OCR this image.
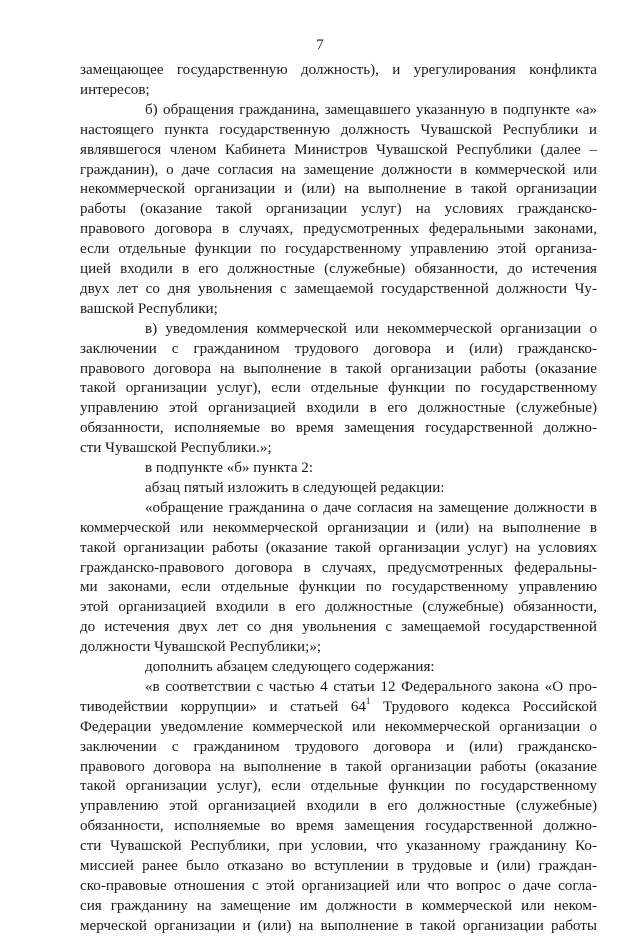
7
замещающее государственную должность), и урегулирования конфликта
интересов;
б) обращения гражданина, замещавшего указанную в подпункте «а»
настоящего пункта государственную должность Чувашской Республики и
являвшегося членом Кабинета Министров Чувашской Республики (далее –
гражданин), о даче согласия на замещение должности в коммерческой или
некоммерческой организации и (или) на выполнение в такой организации
работы (оказание такой организации услуг) на условиях гражданско-
правового договора в случаях, предусмотренных федеральными законами,
если отдельные функции по государственному управлению этой организа-
цией входили в его должностные (служебные) обязанности, до истечения
двух лет со дня увольнения с замещаемой государственной должности Чу-
вашской Республики;
в) уведомления коммерческой или некоммерческой организации о
заключении с гражданином трудового договора и (или) гражданско-
правового договора на выполнение в такой организации работы (оказание
такой организации услуг), если отдельные функции по государственному
управлению этой организацией входили в его должностные (служебные)
обязанности, исполняемые во время замещения государственной должно-
сти Чувашской Республики.»;
в подпункте «б» пункта 2:
абзац пятый изложить в следующей редакции:
«обращение гражданина о даче согласия на замещение должности в
коммерческой или некоммерческой организации и (или) на выполнение в
такой организации работы (оказание такой организации услуг) на условиях
гражданско-правового договора в случаях, предусмотренных федеральны-
ми законами, если отдельные функции по государственному управлению
этой организацией входили в его должностные (служебные) обязанности,
до истечения двух лет со дня увольнения с замещаемой государственной
должности Чувашской Республики;»;
дополнить абзацем следующего содержания:
«в соответствии с частью 4 статьи 12 Федерального закона «О про-
тиводействии коррупции» и статьей $64^1$ Трудового кодекса Российской
Федерации уведомление коммерческой или некоммерческой организации о
заключении с гражданином трудового договора и (или) гражданско-
правового договора на выполнение в такой организации работы (оказание
такой организации услуг), если отдельные функции по государственному
управлению этой организацией входили в его должностные (служебные)
обязанности, исполняемые во время замещения государственной должно-
сти Чувашской Республики, при условии, что указанному гражданину Ко-
миссией ранее было отказано во вступлении в трудовые и (или) граждан-
ско-правовые отношения с этой организацией или что вопрос о даче согла-
сия гражданину на замещение им должности в коммерческой или неком-
мерческой организации и (или) на выполнение в такой организации работы
